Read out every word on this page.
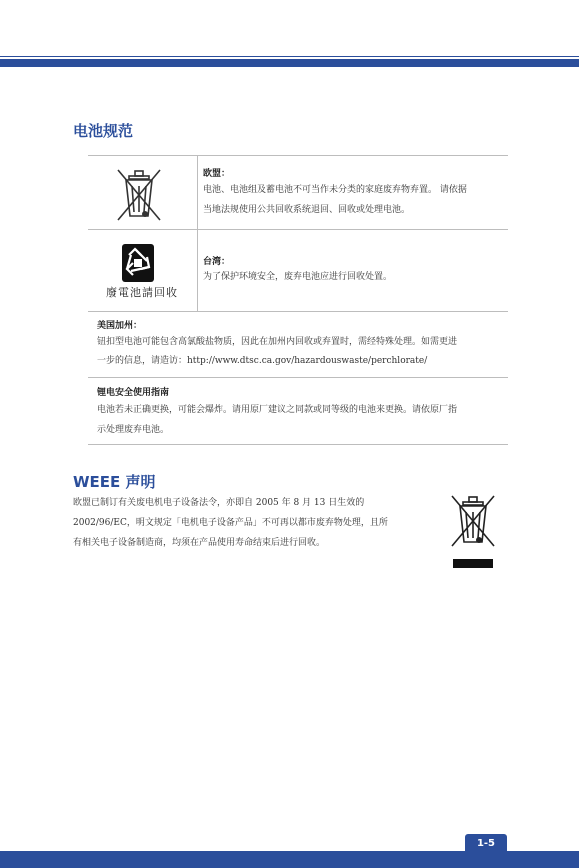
电池规范
欧盟：
电池、电池组及蓄电池不可当作未分类的家庭废弃物弃置。 请依据
当地法规使用公共回收系统退回、回收或处理电池。
廢電池請回收
台湾：
为了保护环境安全，废弃电池应进行回收处置。
美国加州：
钮扣型电池可能包含高氯酸盐物质，因此在加州内回收或弃置时，需经特殊处理。如需更进
一步的信息，请造访：http://www.dtsc.ca.gov/hazardouswaste/perchlorate/
锂电安全使用指南
电池若未正确更换，可能会爆炸。请用原厂建议之同款或同等级的电池来更换。请依原厂指
示处理废弃电池。
WEEE 声明
欧盟已制订有关废电机电子设备法令，亦即自 2005 年 8 月 13 日生效的
2002/96/EC，明文规定「电机电子设备产品」不可再以都市废弃物处理，且所
有相关电子设备制造商，均须在产品使用寿命结束后进行回收。
1-5
